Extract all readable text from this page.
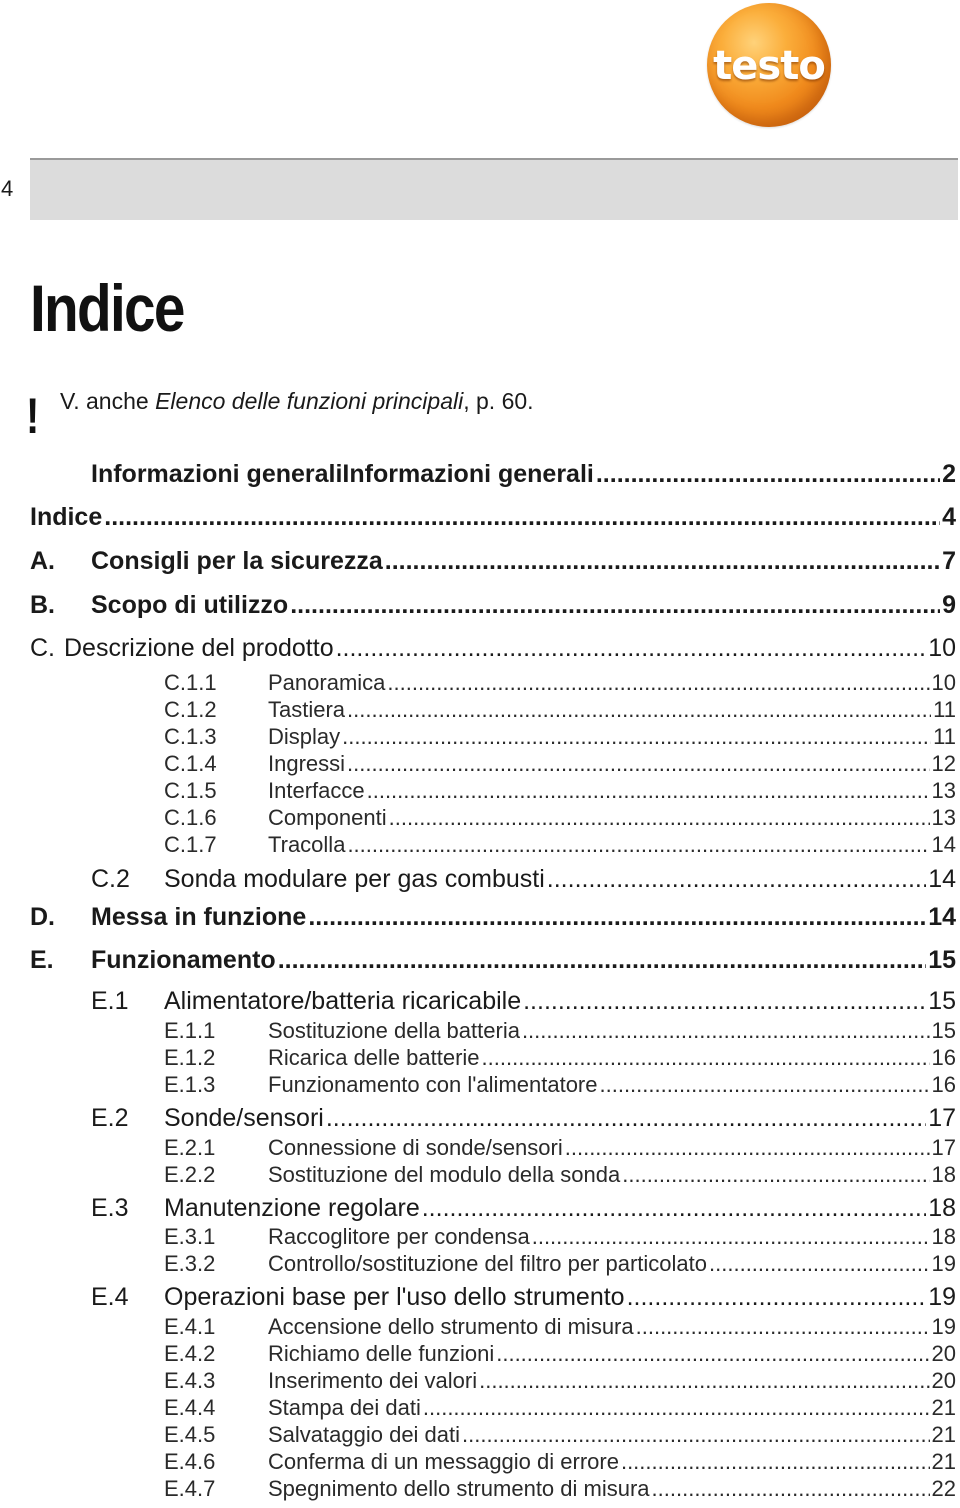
testo
4
Indice
! V. anche Elenco delle funzioni principali, p. 60.
Informazioni generaliInformazioni generali .....	2
Indice .....	4
A.	Consigli per la sicurezza .....	7
B.	Scopo di utilizzo .....	9
C. Descrizione del prodotto .....	10
C.1.1	Panoramica .....	10
C.1.2	Tastiera .....	11
C.1.3	Display .....	11
C.1.4	Ingressi .....	12
C.1.5	Interfacce .....	13
C.1.6	Componenti .....	13
C.1.7	Tracolla .....	14
C.2	Sonda modulare per gas combusti .....	14
D.	Messa in funzione .....	14
E.	Funzionamento .....	15
E.1	Alimentatore/batteria ricaricabile .....	15
E.1.1	Sostituzione della batteria .....	15
E.1.2	Ricarica delle batterie .....	16
E.1.3	Funzionamento con l'alimentatore .....	16
E.2	Sonde/sensori .....	17
E.2.1	Connessione di sonde/sensori .....	17
E.2.2	Sostituzione del modulo della sonda .....	18
E.3	Manutenzione regolare .....	18
E.3.1	Raccoglitore per condensa .....	18
E.3.2	Controllo/sostituzione del filtro per particolato .....	19
E.4	Operazioni base per l'uso dello strumento .....	19
E.4.1	Accensione dello strumento di misura .....	19
E.4.2	Richiamo delle funzioni .....	20
E.4.3	Inserimento dei valori .....	20
E.4.4	Stampa dei dati .....	21
E.4.5	Salvataggio dei dati .....	21
E.4.6	Conferma di un messaggio di errore .....	21
E.4.7	Spegnimento dello strumento di misura .....	22
